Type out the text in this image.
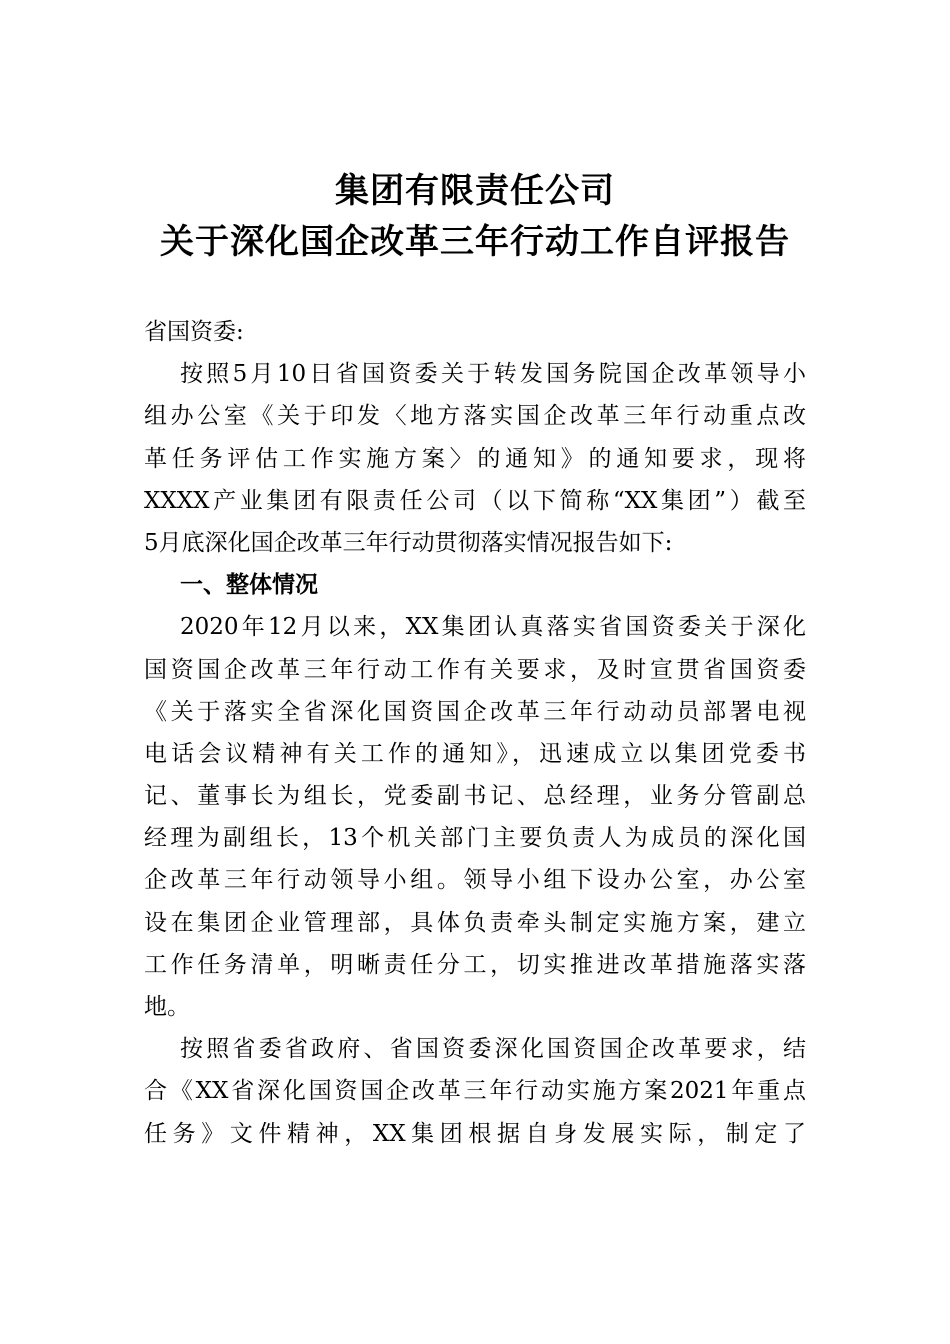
集团有限责任公司
关于深化国企改革三年行动工作自评报告
省国资委:
按照5月10日省国资委关于转发国务院国企改革领导小
组办公室《关于印发〈地方落实国企改革三年行动重点改
革任务评估工作实施方案〉的通知》的通知要求，现将
XXXX产业集团有限责任公司（以下简称“XX集团”）截至
5月底深化国企改革三年行动贯彻落实情况报告如下:
一、整体情况
2020年12月以来，XX集团认真落实省国资委关于深化
国资国企改革三年行动工作有关要求，及时宣贯省国资委
《关于落实全省深化国资国企改革三年行动动员部署电视
电话会议精神有关工作的通知》，迅速成立以集团党委书
记、董事长为组长，党委副书记、总经理，业务分管副总
经理为副组长，13个机关部门主要负责人为成员的深化国
企改革三年行动领导小组。领导小组下设办公室，办公室
设在集团企业管理部，具体负责牵头制定实施方案，建立
工作任务清单，明晰责任分工，切实推进改革措施落实落
地。
按照省委省政府、省国资委深化国资国企改革要求，结
合《XX省深化国资国企改革三年行动实施方案2021年重点
任务》文件精神，XX集团根据自身发展实际，制定了
